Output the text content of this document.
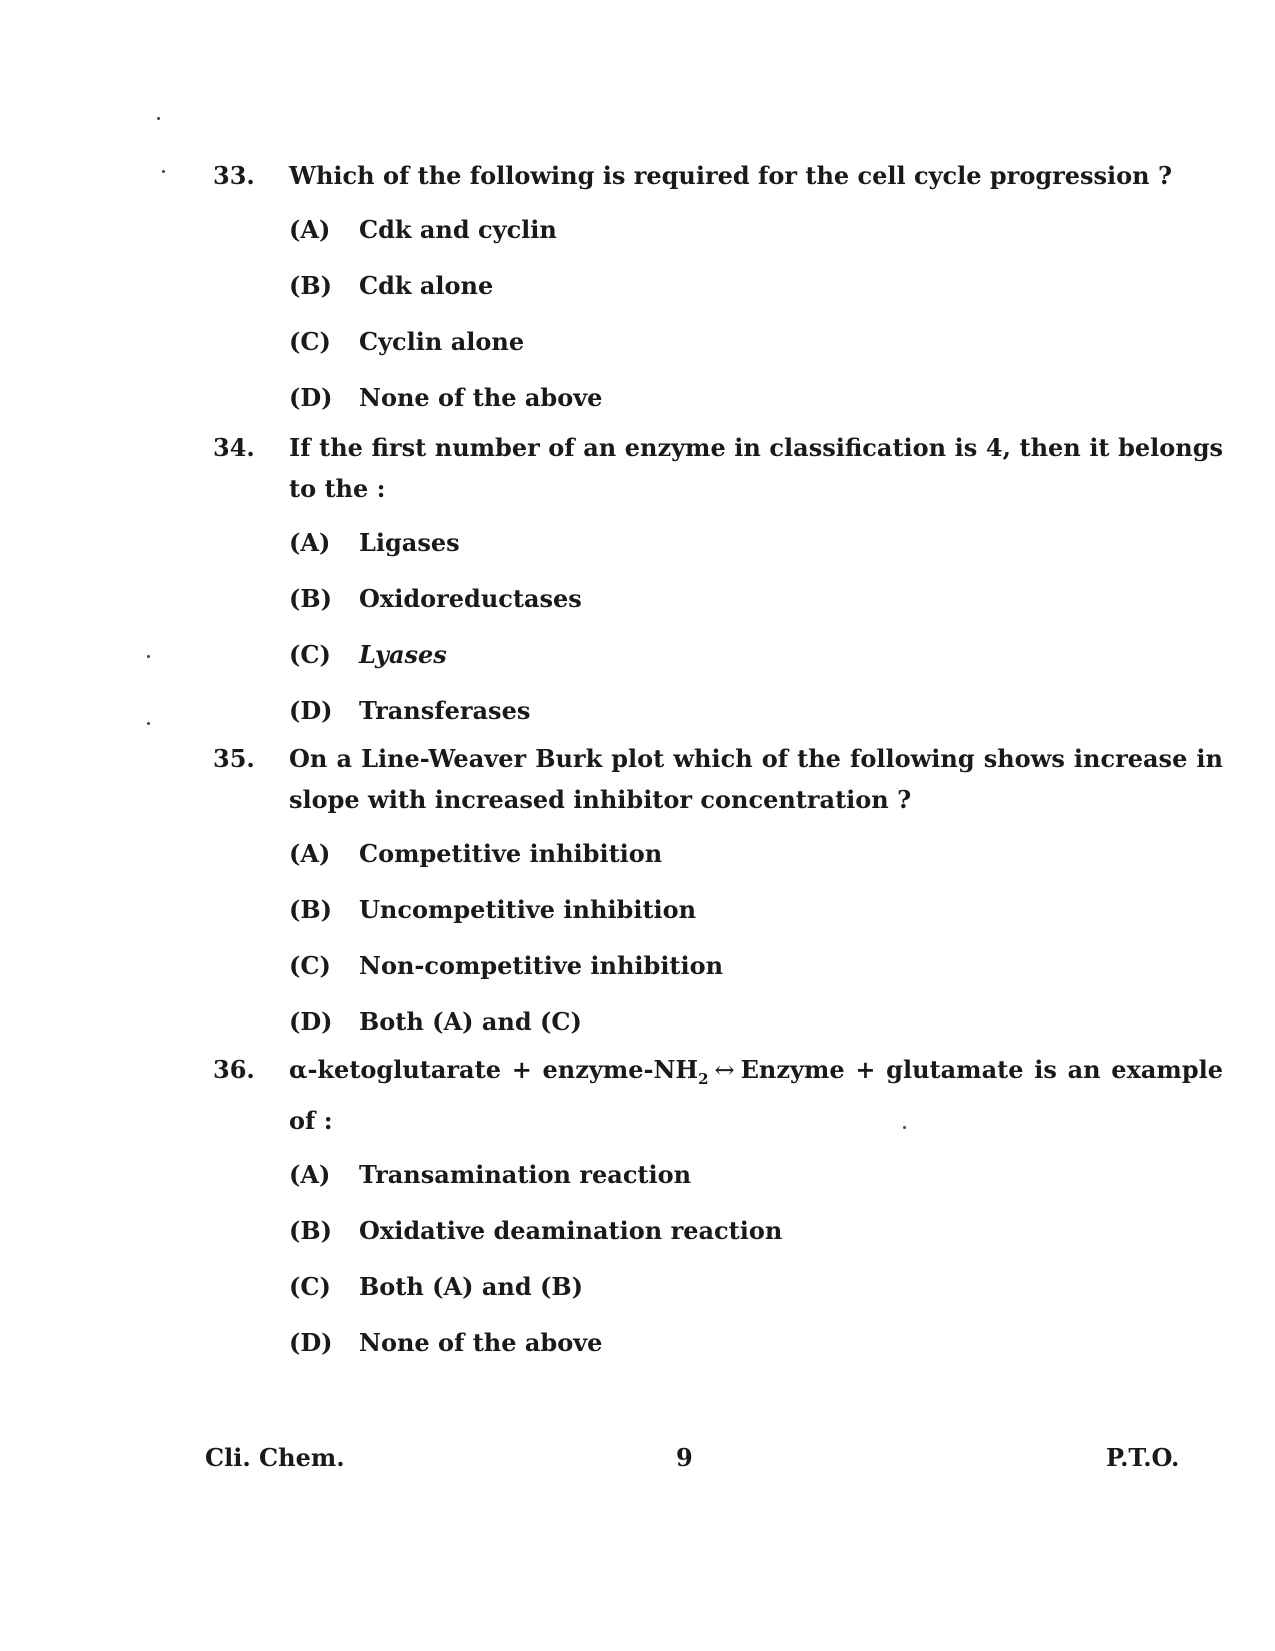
33. Which of the following is required for the cell cycle progression ?
(A) Cdk and cyclin
(B) Cdk alone
(C) Cyclin alone
(D) None of the above
34. If the first number of an enzyme in classification is 4, then it belongs to the :
(A) Ligases
(B) Oxidoreductases
(C) Lyases
(D) Transferases
35. On a Line-Weaver Burk plot which of the following shows increase in slope with increased inhibitor concentration ?
(A) Competitive inhibition
(B) Uncompetitive inhibition
(C) Non-competitive inhibition
(D) Both (A) and (C)
36. α-ketoglutarate + enzyme-$NH_2$ ↔ Enzyme + glutamate is an example of :
(A) Transamination reaction
(B) Oxidative deamination reaction
(C) Both (A) and (B)
(D) None of the above
Cli. Chem.	9	P.T.O.
